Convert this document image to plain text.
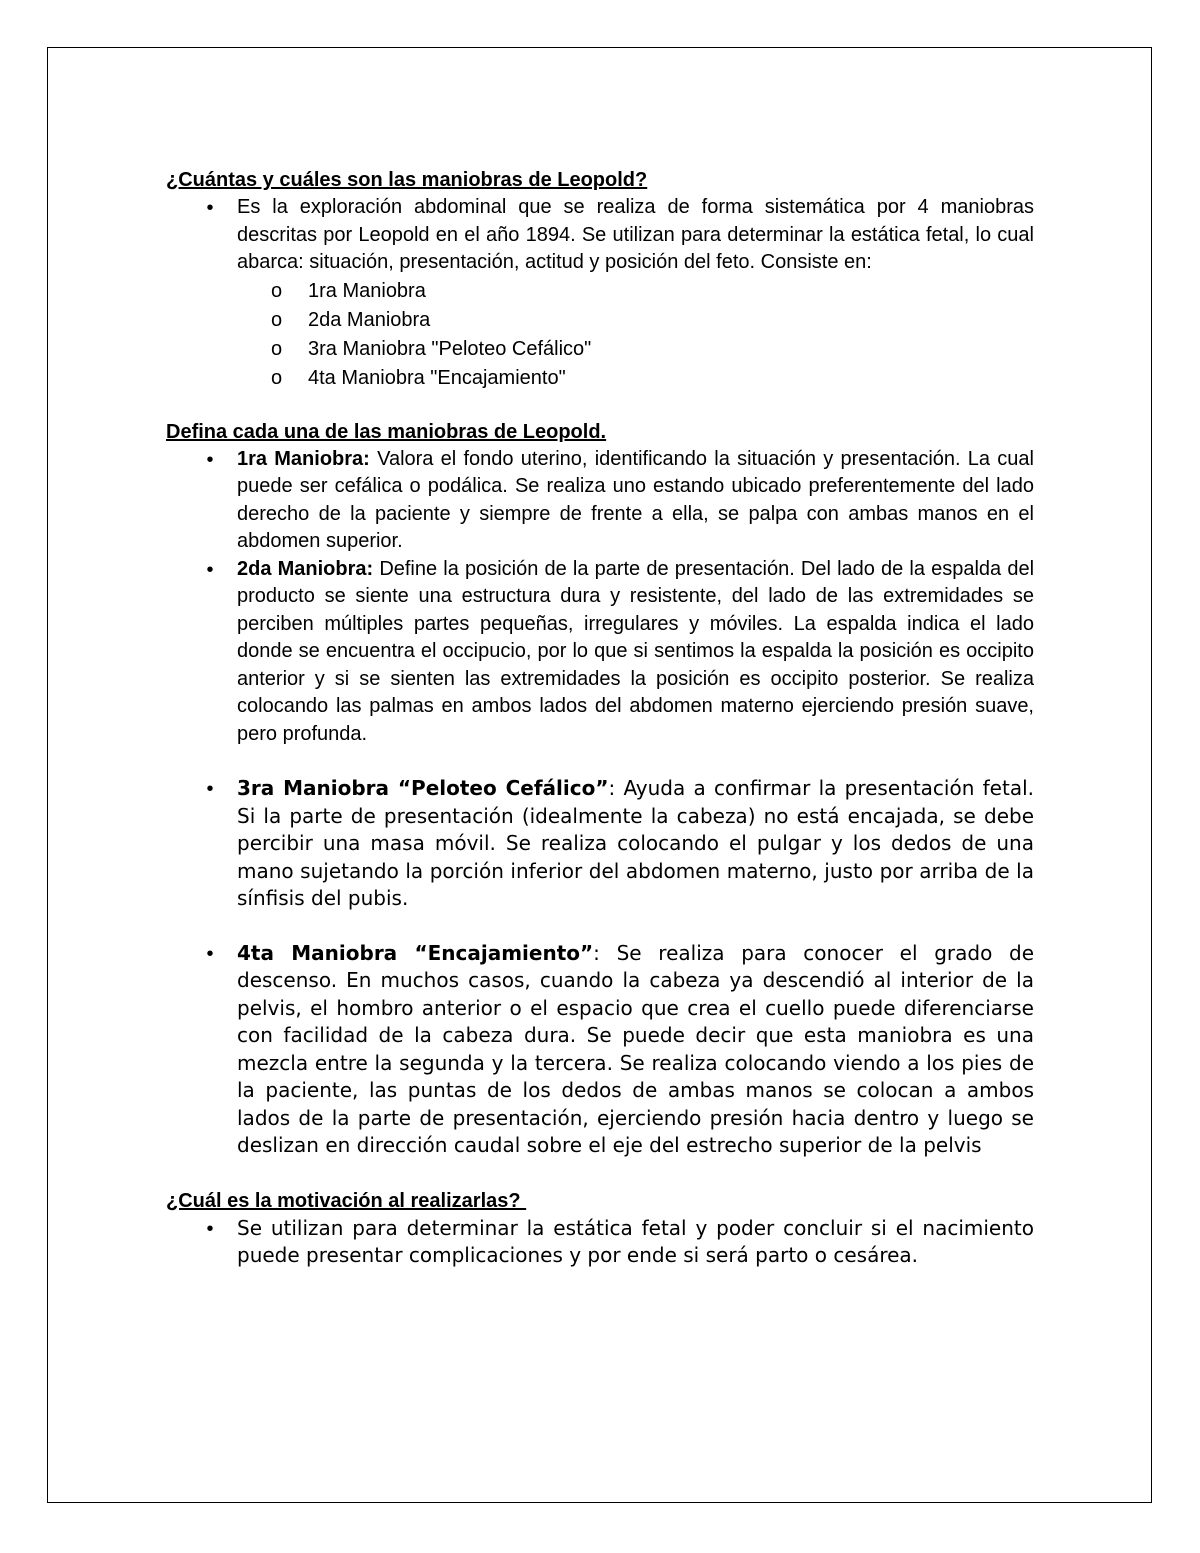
¿Cuántas y cuáles son las maniobras de Leopold?
•	Es la exploración abdominal que se realiza de forma sistemática por 4 maniobras descritas por Leopold en el año 1894. Se utilizan para determinar la estática fetal, lo cual abarca: situación, presentación, actitud y posición del feto. Consiste en:
o 1ra Maniobra
o 2da Maniobra
o 3ra Maniobra "Peloteo Cefálico"
o 4ta Maniobra "Encajamiento"
Defina cada una de las maniobras de Leopold.
•	1ra Maniobra: Valora el fondo uterino, identificando la situación y presentación. La cual puede ser cefálica o podálica. Se realiza uno estando ubicado preferentemente del lado derecho de la paciente y siempre de frente a ella, se palpa con ambas manos en el abdomen superior.
•	2da Maniobra: Define la posición de la parte de presentación. Del lado de la espalda del producto se siente una estructura dura y resistente, del lado de las extremidades se perciben múltiples partes pequeñas, irregulares y móviles. La espalda indica el lado donde se encuentra el occipucio, por lo que si sentimos la espalda la posición es occipito anterior y si se sienten las extremidades la posición es occipito posterior. Se realiza colocando las palmas en ambos lados del abdomen materno ejerciendo presión suave, pero profunda.
•	3ra Maniobra “Peloteo Cefálico”: Ayuda a confirmar la presentación fetal. Si la parte de presentación (idealmente la cabeza) no está encajada, se debe percibir una masa móvil. Se realiza colocando el pulgar y los dedos de una mano sujetando la porción inferior del abdomen materno, justo por arriba de la sínfisis del pubis.
•	4ta Maniobra “Encajamiento”: Se realiza para conocer el grado de descenso. En muchos casos, cuando la cabeza ya descendió al interior de la pelvis, el hombro anterior o el espacio que crea el cuello puede diferenciarse con facilidad de la cabeza dura. Se puede decir que esta maniobra es una mezcla entre la segunda y la tercera. Se realiza colocando viendo a los pies de la paciente, las puntas de los dedos de ambas manos se colocan a ambos lados de la parte de presentación, ejerciendo presión hacia dentro y luego se deslizan en dirección caudal sobre el eje del estrecho superior de la pelvis
¿Cuál es la motivación al realizarlas?
•	Se utilizan para determinar la estática fetal y poder concluir si el nacimiento puede presentar complicaciones y por ende si será parto o cesárea.
